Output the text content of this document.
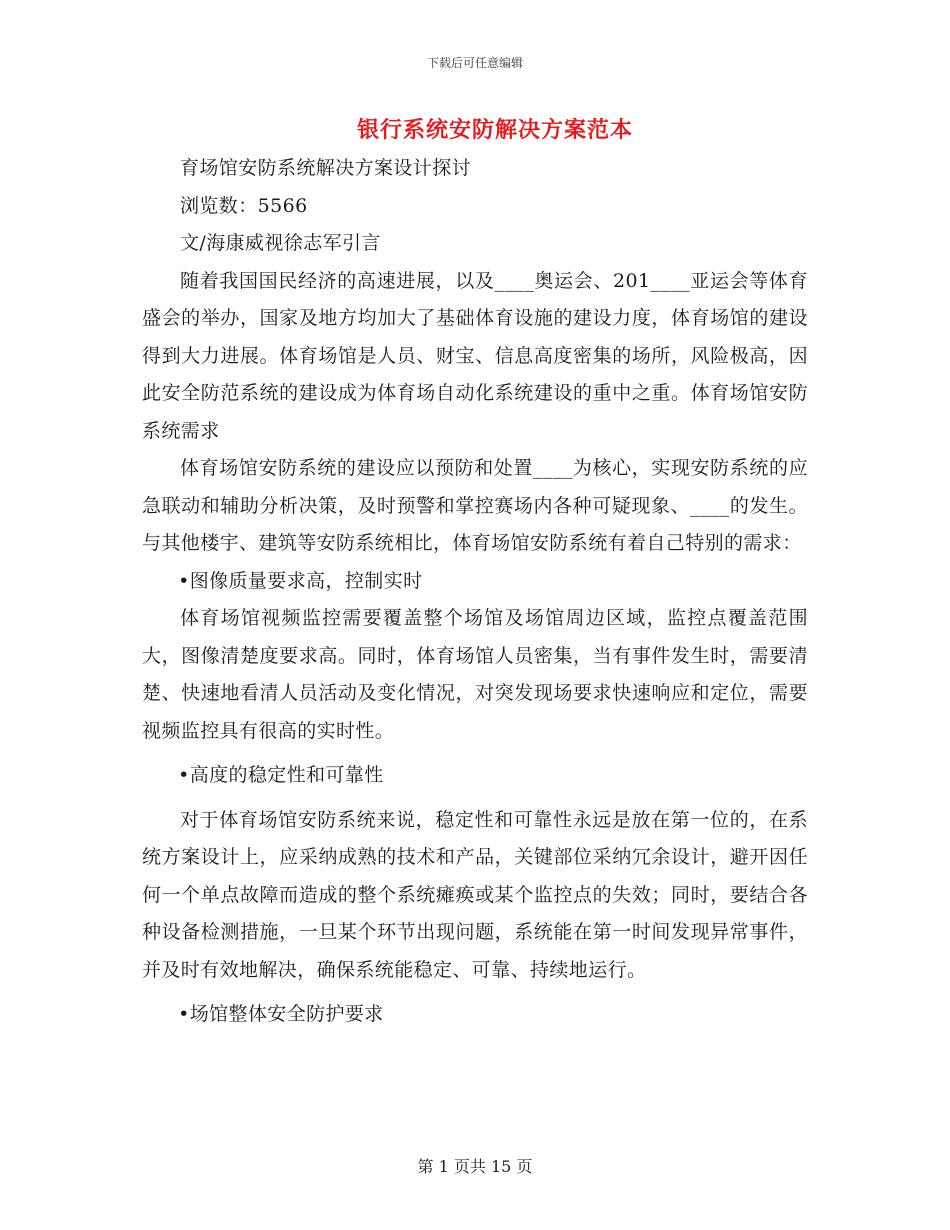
下载后可任意编辑
银行系统安防解决方案范本

育场馆安防系统解决方案设计探讨

浏览数：5566

文/海康威视徐志军引言

随着我国国民经济的高速进展，以及____奥运会、201____亚运会等体育盛会的举办，国家及地方均加大了基础体育设施的建设力度，体育场馆的建设得到大力进展。体育场馆是人员、财宝、信息高度密集的场所，风险极高，因此安全防范系统的建设成为体育场自动化系统建设的重中之重。体育场馆安防系统需求

体育场馆安防系统的建设应以预防和处置____为核心，实现安防系统的应急联动和辅助分析决策，及时预警和掌控赛场内各种可疑现象、____的发生。与其他楼宇、建筑等安防系统相比，体育场馆安防系统有着自己特别的需求：

•图像质量要求高，控制实时

体育场馆视频监控需要覆盖整个场馆及场馆周边区域，监控点覆盖范围大，图像清楚度要求高。同时，体育场馆人员密集，当有事件发生时，需要清楚、快速地看清人员活动及变化情况，对突发现场要求快速响应和定位，需要视频监控具有很高的实时性。

•高度的稳定性和可靠性

对于体育场馆安防系统来说，稳定性和可靠性永远是放在第一位的，在系统方案设计上，应采纳成熟的技术和产品，关键部位采纳冗余设计，避开因任何一个单点故障而造成的整个系统瘫痪或某个监控点的失效；同时，要结合各种设备检测措施，一旦某个环节出现问题，系统能在第一时间发现异常事件，并及时有效地解决，确保系统能稳定、可靠、持续地运行。

•场馆整体安全防护要求

第 1 页共 15 页
